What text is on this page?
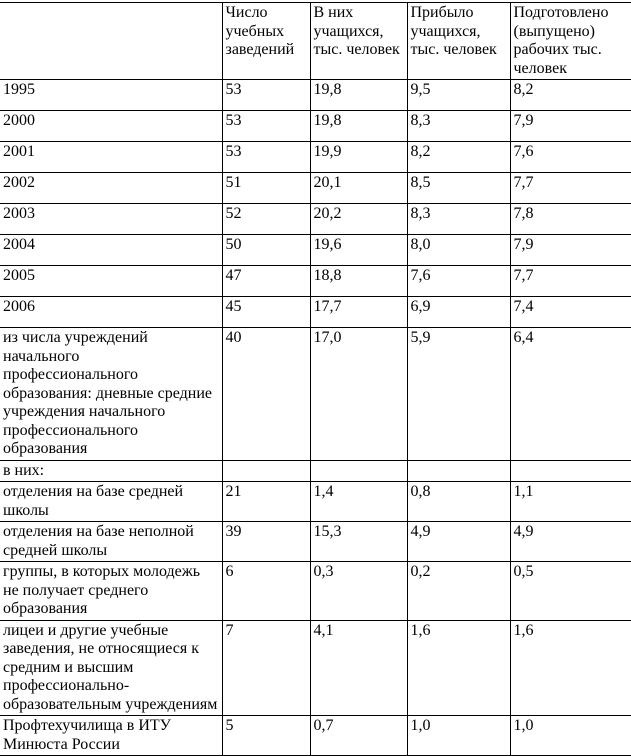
	Число учебных заведений	В них учащихся, тыс. человек	Прибыло учащихся, тыс. человек	Подготовлено (выпущено) рабочих тыс. человек
1995	53	19,8	9,5	8,2
2000	53	19,8	8,3	7,9
2001	53	19,9	8,2	7,6
2002	51	20,1	8,5	7,7
2003	52	20,2	8,3	7,8
2004	50	19,6	8,0	7,9
2005	47	18,8	7,6	7,7
2006	45	17,7	6,9	7,4
из числа учреждений начального профессионального образования: дневные средние учреждения начального профессионального образования	40	17,0	5,9	6,4
в них:				
отделения на базе средней школы	21	1,4	0,8	1,1
отделения на базе неполной средней школы	39	15,3	4,9	4,9
группы, в которых молодежь не получает среднего образования	6	0,3	0,2	0,5
лицеи и другие учебные заведения, не относящиеся к средним и высшим профессионально-образовательным учреждениям	7	4,1	1,6	1,6
Профтехучилища в ИТУ Минюста России	5	0,7	1,0	1,0
